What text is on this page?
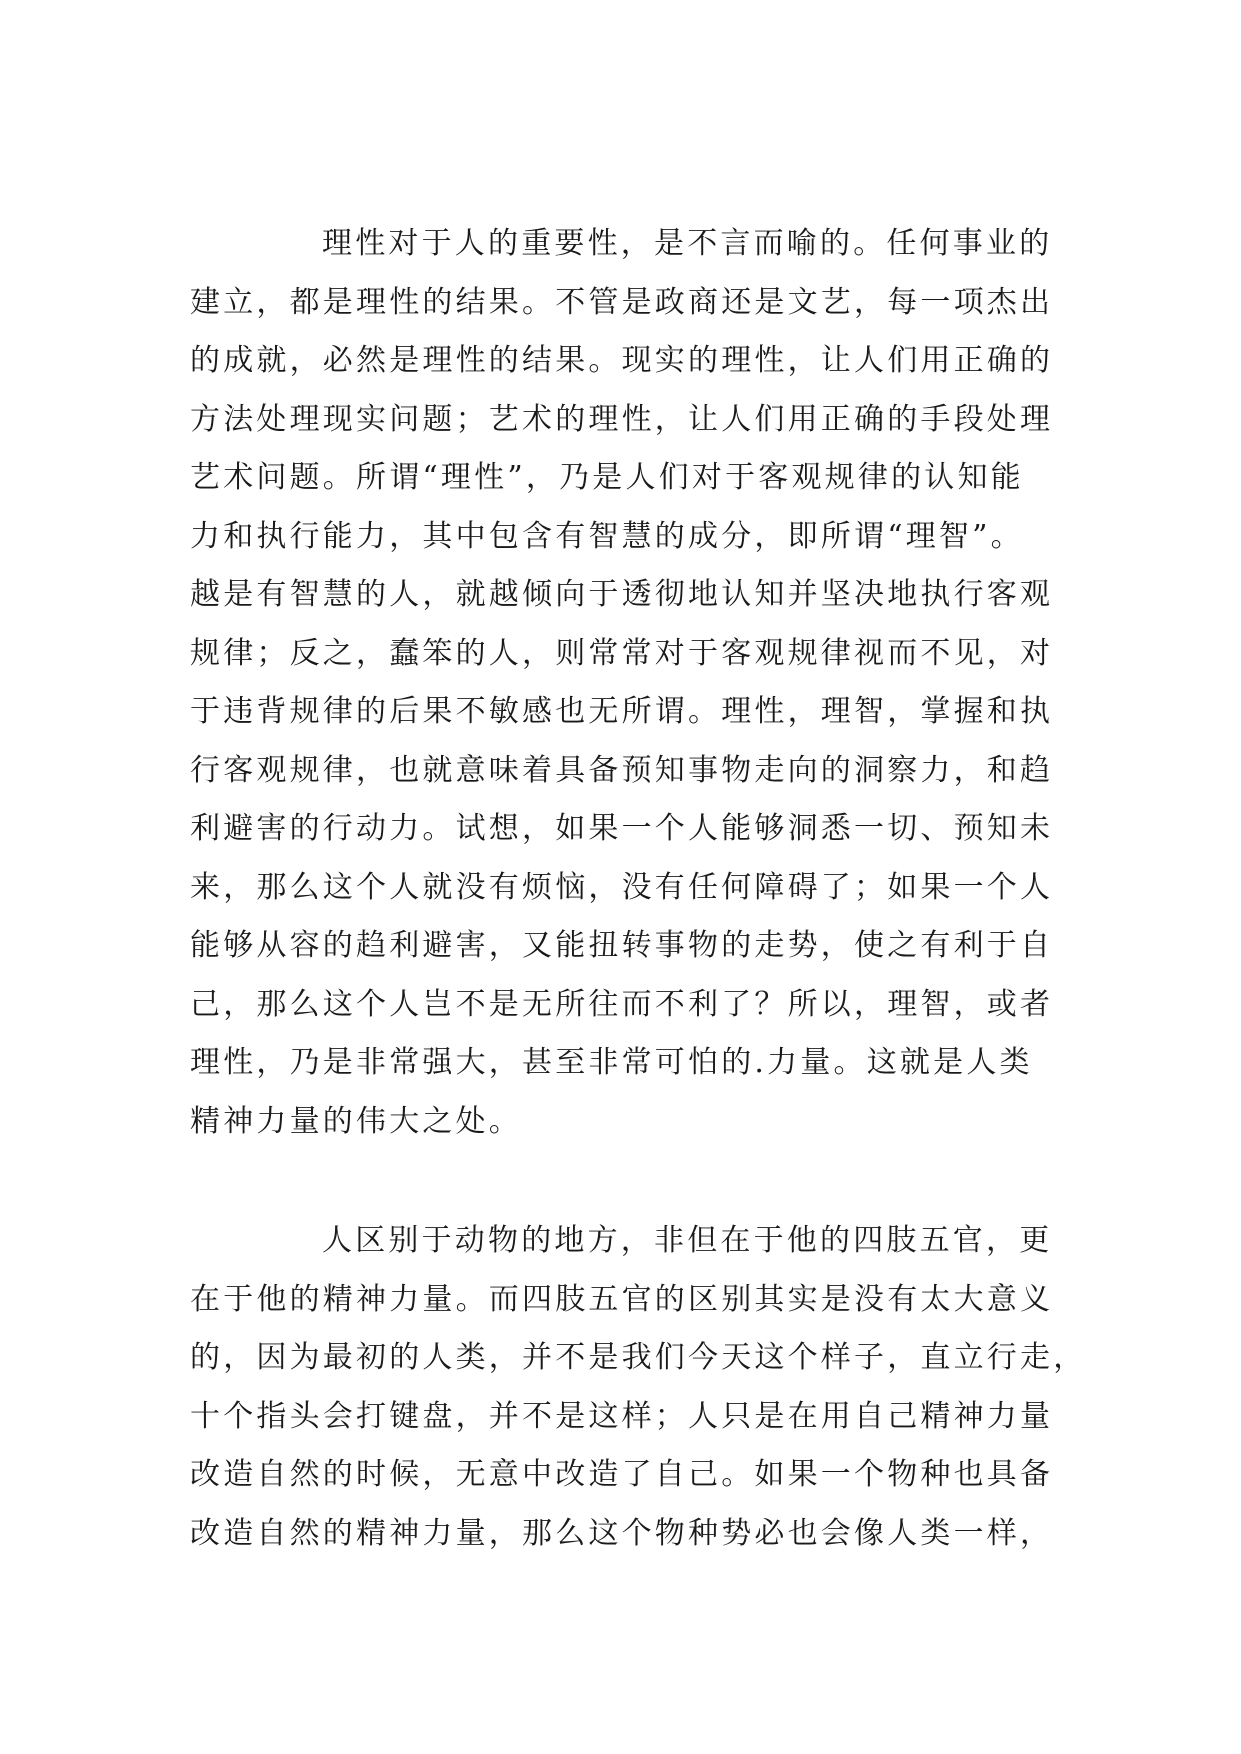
理性对于人的重要性，是不言而喻的。任何事业的
建立，都是理性的结果。不管是政商还是文艺，每一项杰出
的成就，必然是理性的结果。现实的理性，让人们用正确的
方法处理现实问题；艺术的理性，让人们用正确的手段处理
艺术问题。所谓“理性”，乃是人们对于客观规律的认知能
力和执行能力，其中包含有智慧的成分，即所谓“理智”。
越是有智慧的人，就越倾向于透彻地认知并坚决地执行客观
规律；反之，蠢笨的人，则常常对于客观规律视而不见，对
于违背规律的后果不敏感也无所谓。理性，理智，掌握和执
行客观规律，也就意味着具备预知事物走向的洞察力，和趋
利避害的行动力。试想，如果一个人能够洞悉一切、预知未
来，那么这个人就没有烦恼，没有任何障碍了；如果一个人
能够从容的趋利避害，又能扭转事物的走势，使之有利于自
己，那么这个人岂不是无所往而不利了？所以，理智，或者
理性，乃是非常强大，甚至非常可怕的.力量。这就是人类
精神力量的伟大之处。
人区别于动物的地方，非但在于他的四肢五官，更
在于他的精神力量。而四肢五官的区别其实是没有太大意义
的，因为最初的人类，并不是我们今天这个样子，直立行走，
十个指头会打键盘，并不是这样；人只是在用自己精神力量
改造自然的时候，无意中改造了自己。如果一个物种也具备
改造自然的精神力量，那么这个物种势必也会像人类一样，
